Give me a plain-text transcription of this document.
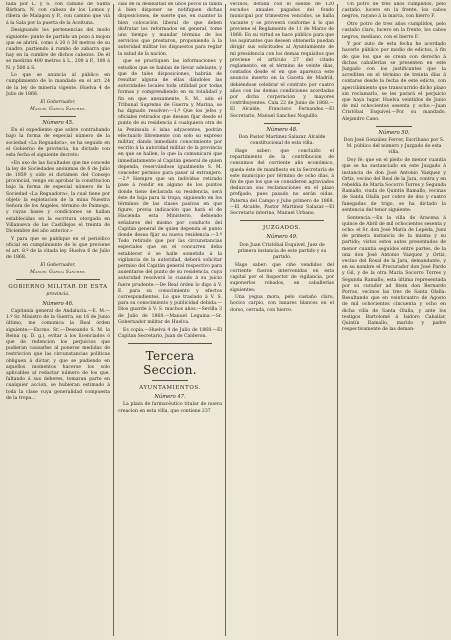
tada por L. y S. con camino de Santa Bárbara, N. con cabezo de los Lomos y ribera de Malagon y P., con camino que viá á la Sala por la puerta de la Aceituna.

Designando los pertenencias del modo siguiente: punto de partida un pozo á mojon que se abrirá, como á 20 ó 30 metros de su cuadro, partiendo á rumbo de zabarra que hay en la cumbre de dichos cabezos. De él se medirán 400 metros á L., 200 á P., 100 á N. y 500 á S.

Lo que se anuncia al público en cumplimiento de lo mandado en el art. 24 de la ley de minería vigente. Huelva 4 de Julio de 1868.

El Gobernador,
Manuel García Sánchez.
Número 45.

En el expediente que sobre contrabando bajo la forma de especial número de la sociedad «La Reguadora», se ha seguido en el Gobierno de provincia, ha dictado con esta fecha el siguiente decreto:

«En uso de las facultades que me concede la ley de Sociedades anónimas de 6 de Julio de 1859 y oido el dictámen del Consejo provincial, vengo en aprobar la constitucion bajo la forma de especial número de la Sociedad «La Reguadora», la cual tiene por objeto la esplotacion de la mina Nuestra Señora de los Ángeles, término de Paimogo, y cuyas bases y condiciones se hallan establecidas en la escritura otorgada en Villanueva de las Castillejos el treinta de Diciembre del año anterior.»

Y para que se publique en el periódico oficial en cumplimiento de lo que previene el art. 8.º de la citada ley. Huelva 6 de Julio de 1868.

El Gobernador,
Manuel García Sánchez.
GOBIERNO MILITAR DE ESTA
provincia.
Número 46.

Capitanía general de Andalucía.—E. M.—1.º Sr. Ministro de la Guerra, en 16 de Junio último, me comunica la Real órden siguiente:—Excmo. Sr.:—Deseando S. M. la Reina (q. D. g.), evitar á los licenciados ó que de redencion los perjuicios que pudieran causarles al ponerse medidas de restriccion que las circunstancias políticas obliguen á dictar, y que se pudiendo en aquellos momentos hacerse los solo aplicables al redactar número de los que, faltando á sus deberes, tomaran parte en cualquier accion, se hubieran estimado á toda la clase cuya generalidad compuesta de la tropa...

cias de la deslealtad de unos pocos la tanda á bien disponer se notifiquen dichas disposiciones, de suerte que, en cuantor la bien colocación liberal de que deben disfrutar los reformados en general, tome uno tiempo y mandar término de los servicios que prestaron, proponiendo á la autoridad militar los dispuestos para reglar la salud de la nación.

que se practiquen las informaciones y estudios que se habían de llevar adelante, y que de tales disposiciones, habrán de resultar alguna de ellas dándoles las autoridades locales toda utilidad por todas formas y comprendiendo en su totalidad y fin en que anexamente, S. M., aún el Tribunal Supremo de Guerra y Marina, se ha dignado resolver:—1.º Que los jefes y oficiales retirados que desean fijar desde el punto de su residencia á cualquiera otra de la Península ó islas adyacentes, podrán efectuarlo libremente con solo su expreso militar, dando inmediato conocimiento por escrito á la autoridad militar de la provincia en que se hallen, lo que la comunicará que inmediatamente al Capitán general de quien dependa, reservándose igualmente S. M. conceder permiso para pasar al extranjero.—2.º Siempre que un individuo retirado pase á residir en alguno de los puntos donde tiene declarada su residencia, será éste de baja para la tropa, siguiendo en los términos de las clases pasivas en que figure, previa indicación que hará el de Hacienda esta Ministerio, debiendo señalarse del mismo por conducto del Capitán general de quien dependa el punto donde desea fijar su nueva residencia.—3.º Todo retirado que por las circunstancias especiales que en el concurren deba establecer ó se halle sometido á la vigilancia de la autoridad, deberá solicitar permiso del Capitán general respectivo para ausentarse del punto de su residencia, cuya autoridad resolverá lo cuando á su juicio fuere prudente.—De Real órden lo digo á V. E. para su conocimiento y efectos correspondientes. Lo que traslado á V. S. para su conocimiento y publicidad debida.—Dios guarde á V. S. muchos años.—Sevilla 3 de Julio de 1868.—Manuel Leguina.—Sr. Gobernador militar de Huelva.

Es copia.—Huelva 4 de Julio de 1868.—El Capitan Secretario, Juan de Calderon.

Tercera Seccion.
AYUNTAMIENTOS.
Número 47.

La plaza de farmacéutico titular de nueva creacion en esta villa, que contiene 237

vecinos, dotada con el sueldo de 120 escudos anuales pagados del fondo municipal por trimestres vencidos, se halla vacante y se proveerá conforme á lo que previene el Reglamento de 11 de Marzo de 1868. En su virtud se hace público para que los aspirantes que deseen obtenerla puedan dirigir sus solicitudes al Ayuntamiento de mi presidencia con los demas requisitos que previene el artículo 27 del citado reglamento, en el término de veinte dias, contados desde el en que aparezca este anuncio inserto en la Gaceta de Madrid, debiéndose celebrar el contrato por cuatro años con las demas condiciones acordadas por dicha corporacion y mayores contribuyentes. Cala 22 de Junio de 1868.—El Alcalde, Francisco Fernandez.—El Secretario, Manuel Sanchez Noguillo.

Número 48.

Don Pastor Martinez Salazar, Alcalde constitucional de esta villa.

Hago saber: que concluido el repartimiento de la contribucion de consumos del corriente año económico, queda éste de manifiesto en la Secretaría de este municipio por término de ocho días, á fin de que los que se consideren agraviados deduzcan sus reclamaciones en el plazo prefijado, pues pasado no serán oídas. Paterna del Campo y Julio primero de 1868.—El Alcalde, Pastor Martinez Salazar.—El Secretario interino, Manuel Urbano.

JUZGADOS.
Número 49.

Don Juan Cristóbal Esquivel, Juez de primera instancia de este partido y su partido.

Hago saber: que ciñe vendidos del corriente fueron intervenidas en esta capital por el Inspector de vigilancia, por suponerlos robados, en caballerías siguientes:

Una yegua mora, pelo castaño claro, hocico carpio, con lunares blancos en el dorso, cerrada, con hierro.

Un potro de tres años cumplidos, pelo castaño, lucero en la frente, los cabos negros, rayano á la marca, con hierro F.

Otro potro de tres años cumplidos, pelo castaño claro, lucero en la frente, los cabos negros, mediano, con el hierro F.

Y por auto de esta fecha he acordado hacerlo público por medio de edictos, á fin de que los que se crean con derecho á dichas caballerías se presenten en este Juzgado con los justificantes que la acrediten en el término de treinta días á contarse desde la fecha de este edicto, con apercibimiento que transcurrido dicho plazo sin reclamarlo, se les parará el perjuicio que haya lugar. Huelva veintidos de Junio de mil ochocientos sesenta y ocho.—Juan Cristóbal Esquivel.—Por su mandado, Alejandro Cano.

Número 50.

Don José González Ferrer, Escribano por S. M. público del número y Juzgado de esta villa.

Doy fé: que en el pleito de menor cuantía que se ha sustanciado en este Juzgado á instancia de don José Antonio Vazquez y Ortiz, vecino del Real de la Jara, contra y en rebeldía de María Socorro Torres y Segunda Ramallo, viuda de Quintín Ramallo, vecinas de Santa Olalla por cobro de dos y cuatro fanegadas de trigo, se ha dictado la sentencia del tenor siguiente:

Sentencia.—En la villa de Aracena á quince de Abril de mil ochocientos sesenta y ocho: el Sr. don José María de Lepéda, Juez de primera instancia de la misma y su partido; vistos estos autos presentados de menor cuantía seguidos entre partes, de la una don José Antonio Vazquez y Ortiz, vecino del Rosal de la Jara, demandante, y en su nombre el Procurador don José Pardo y Gil, y de la otra María Socorro Torres y Segunda Ramallo, esta última representada por su curador ad litem don Bernardo Porras, vecinos las tres de Santa Olalla: Resultando que en veinticuatro de Agosto de mil ochocientos cincuenta y ocho en dicha villa de Santa Olalla, y ante los testigos Bartolomé á Isidoro Caballar, Quintín Ramallo, marido y padre respectivamente de las deman-
